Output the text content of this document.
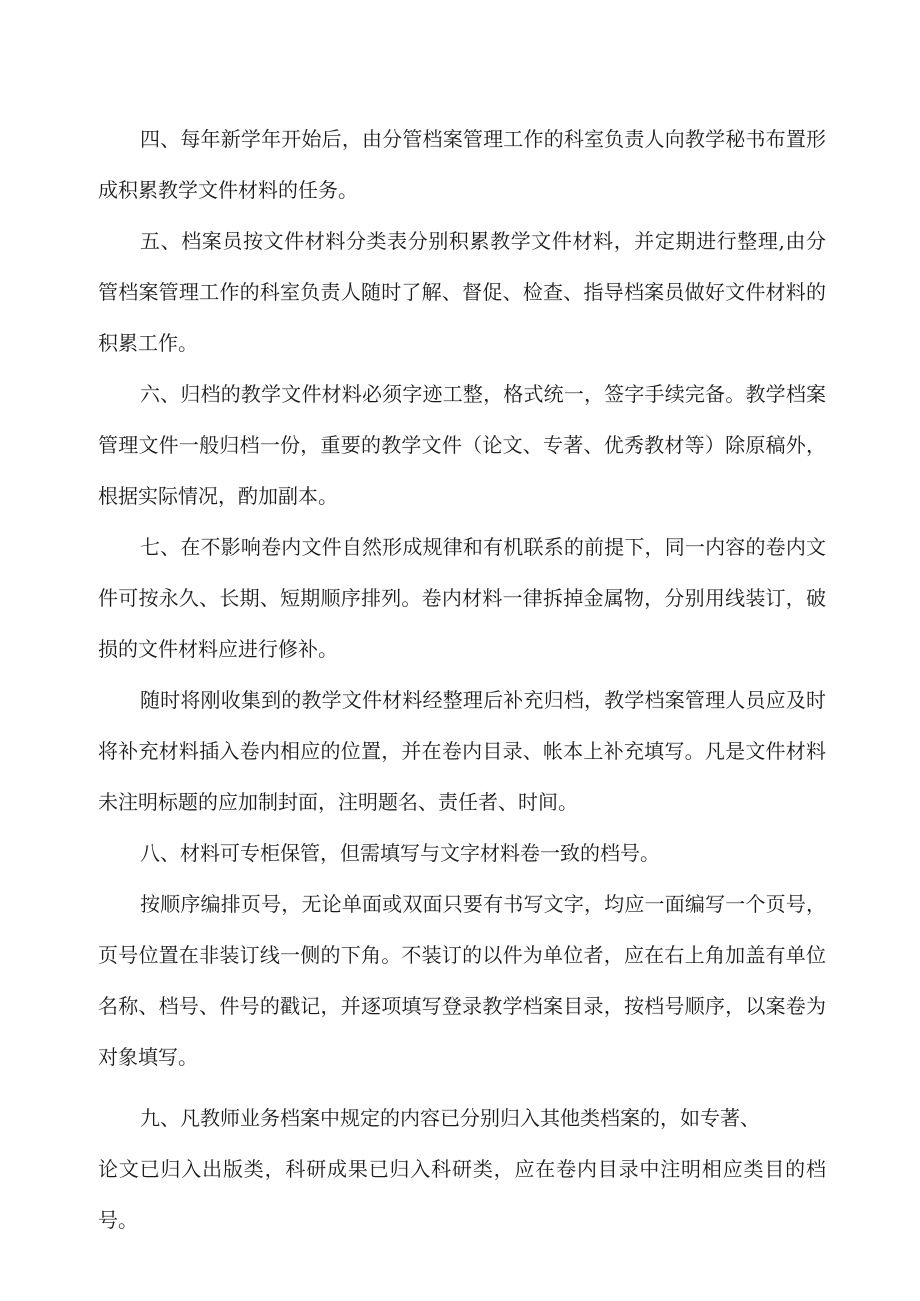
四、每年新学年开始后，由分管档案管理工作的科室负责人向教学秘书布置形成积累教学文件材料的任务。

五、档案员按文件材料分类表分别积累教学文件材料，并定期进行整理,由分管档案管理工作的科室负责人随时了解、督促、检查、指导档案员做好文件材料的积累工作。

六、归档的教学文件材料必须字迹工整，格式统一，签字手续完备。教学档案管理文件一般归档一份，重要的教学文件（论文、专著、优秀教材等）除原稿外，根据实际情况，酌加副本。

七、在不影响卷内文件自然形成规律和有机联系的前提下，同一内容的卷内文件可按永久、长期、短期顺序排列。卷内材料一律拆掉金属物，分别用线装订，破损的文件材料应进行修补。

随时将刚收集到的教学文件材料经整理后补充归档，教学档案管理人员应及时将补充材料插入卷内相应的位置，并在卷内目录、帐本上补充填写。凡是文件材料未注明标题的应加制封面，注明题名、责任者、时间。

八、材料可专柜保管，但需填写与文字材料卷一致的档号。

按顺序编排页号，无论单面或双面只要有书写文字，均应一面编写一个页号，页号位置在非装订线一侧的下角。不装订的以件为单位者，应在右上角加盖有单位名称、档号、件号的戳记，并逐项填写登录教学档案目录，按档号顺序，以案卷为对象填写。

九、凡教师业务档案中规定的内容已分别归入其他类档案的，如专著、

论文已归入出版类，科研成果已归入科研类，应在卷内目录中注明相应类目的档号。
